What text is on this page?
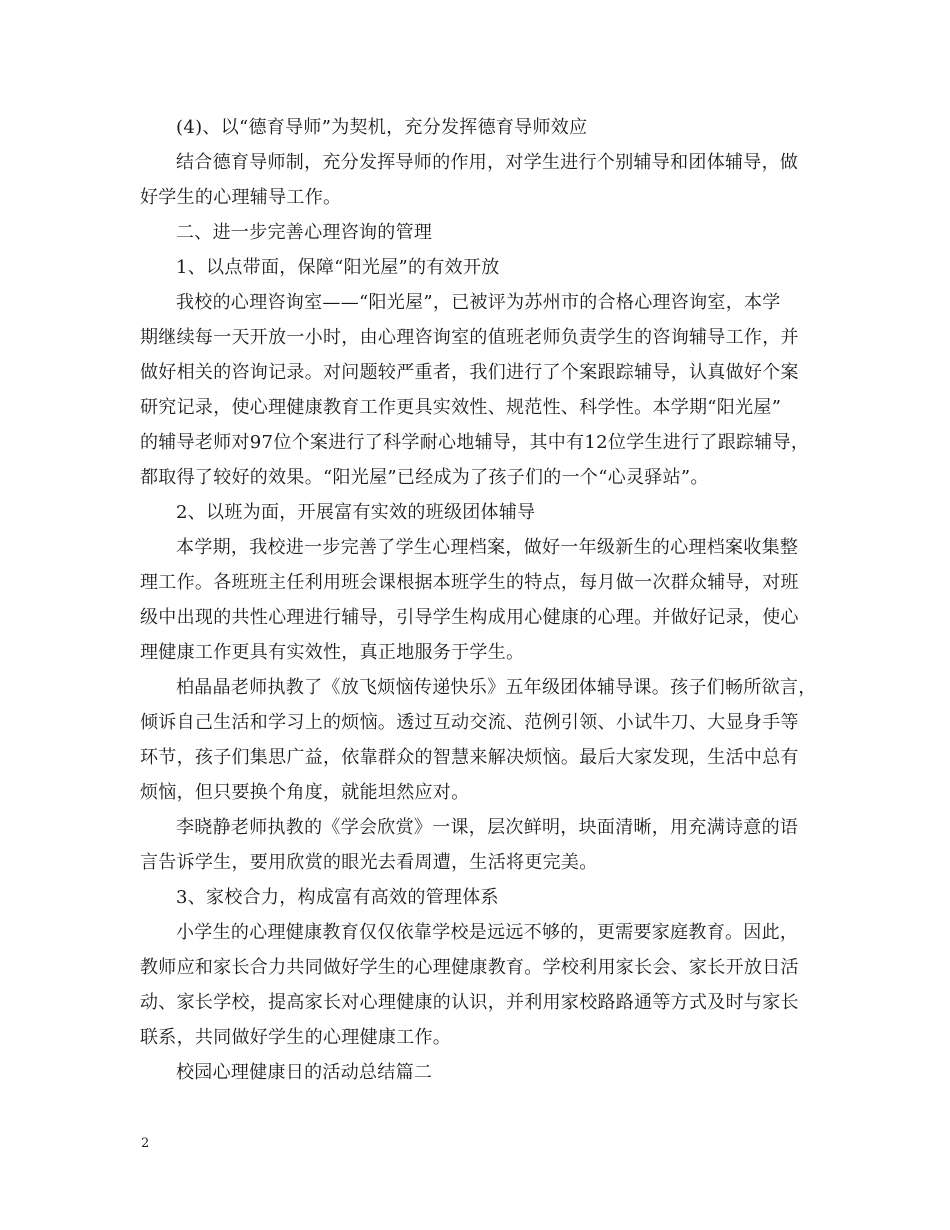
(4)、以“德育导师”为契机，充分发挥德育导师效应
结合德育导师制，充分发挥导师的作用，对学生进行个别辅导和团体辅导，做
好学生的心理辅导工作。
二、进一步完善心理咨询的管理
1、以点带面，保障“阳光屋”的有效开放
我校的心理咨询室——“阳光屋”，已被评为苏州市的合格心理咨询室，本学
期继续每一天开放一小时，由心理咨询室的值班老师负责学生的咨询辅导工作，并
做好相关的咨询记录。对问题较严重者，我们进行了个案跟踪辅导，认真做好个案
研究记录，使心理健康教育工作更具实效性、规范性、科学性。本学期“阳光屋”
的辅导老师对97位个案进行了科学耐心地辅导，其中有12位学生进行了跟踪辅导，
都取得了较好的效果。“阳光屋”已经成为了孩子们的一个“心灵驿站”。
2、以班为面，开展富有实效的班级团体辅导
本学期，我校进一步完善了学生心理档案，做好一年级新生的心理档案收集整
理工作。各班班主任利用班会课根据本班学生的特点，每月做一次群众辅导，对班
级中出现的共性心理进行辅导，引导学生构成用心健康的心理。并做好记录，使心
理健康工作更具有实效性，真正地服务于学生。
柏晶晶老师执教了《放飞烦恼传递快乐》五年级团体辅导课。孩子们畅所欲言，
倾诉自己生活和学习上的烦恼。透过互动交流、范例引领、小试牛刀、大显身手等
环节，孩子们集思广益，依靠群众的智慧来解决烦恼。最后大家发现，生活中总有
烦恼，但只要换个角度，就能坦然应对。
李晓静老师执教的《学会欣赏》一课，层次鲜明，块面清晰，用充满诗意的语
言告诉学生，要用欣赏的眼光去看周遭，生活将更完美。
3、家校合力，构成富有高效的管理体系
小学生的心理健康教育仅仅依靠学校是远远不够的，更需要家庭教育。因此，
教师应和家长合力共同做好学生的心理健康教育。学校利用家长会、家长开放日活
动、家长学校，提高家长对心理健康的认识，并利用家校路路通等方式及时与家长
联系，共同做好学生的心理健康工作。
校园心理健康日的活动总结篇二
2
